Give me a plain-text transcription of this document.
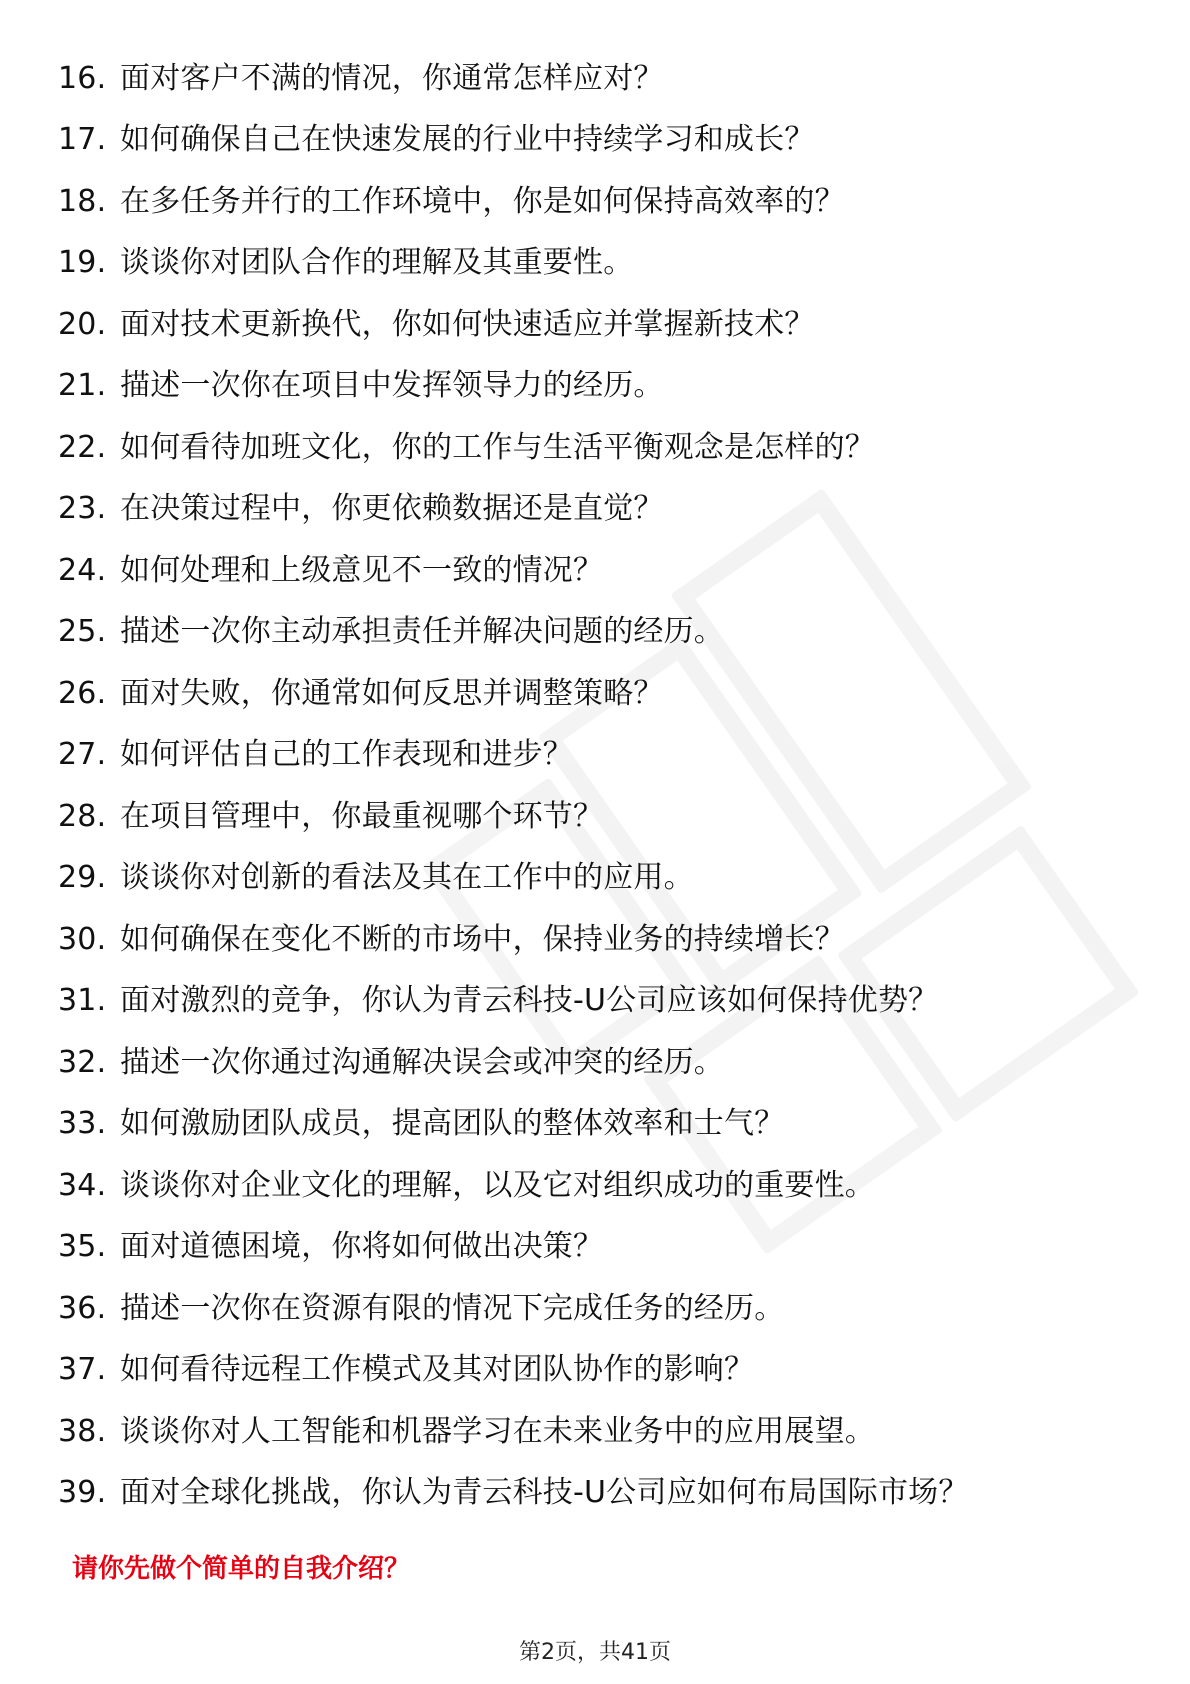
16. 面对客户不满的情况，你通常怎样应对？
17. 如何确保自己在快速发展的行业中持续学习和成长？
18. 在多任务并行的工作环境中，你是如何保持高效率的？
19. 谈谈你对团队合作的理解及其重要性。
20. 面对技术更新换代，你如何快速适应并掌握新技术？
21. 描述一次你在项目中发挥领导力的经历。
22. 如何看待加班文化，你的工作与生活平衡观念是怎样的？
23. 在决策过程中，你更依赖数据还是直觉？
24. 如何处理和上级意见不一致的情况？
25. 描述一次你主动承担责任并解决问题的经历。
26. 面对失败，你通常如何反思并调整策略？
27. 如何评估自己的工作表现和进步？
28. 在项目管理中，你最重视哪个环节？
29. 谈谈你对创新的看法及其在工作中的应用。
30. 如何确保在变化不断的市场中，保持业务的持续增长？
31. 面对激烈的竞争，你认为青云科技-U公司应该如何保持优势？
32. 描述一次你通过沟通解决误会或冲突的经历。
33. 如何激励团队成员，提高团队的整体效率和士气？
34. 谈谈你对企业文化的理解，以及它对组织成功的重要性。
35. 面对道德困境，你将如何做出决策？
36. 描述一次你在资源有限的情况下完成任务的经历。
37. 如何看待远程工作模式及其对团队协作的影响？
38. 谈谈你对人工智能和机器学习在未来业务中的应用展望。
39. 面对全球化挑战，你认为青云科技-U公司应如何布局国际市场？
请你先做个简单的自我介绍？
第2页，共41页
